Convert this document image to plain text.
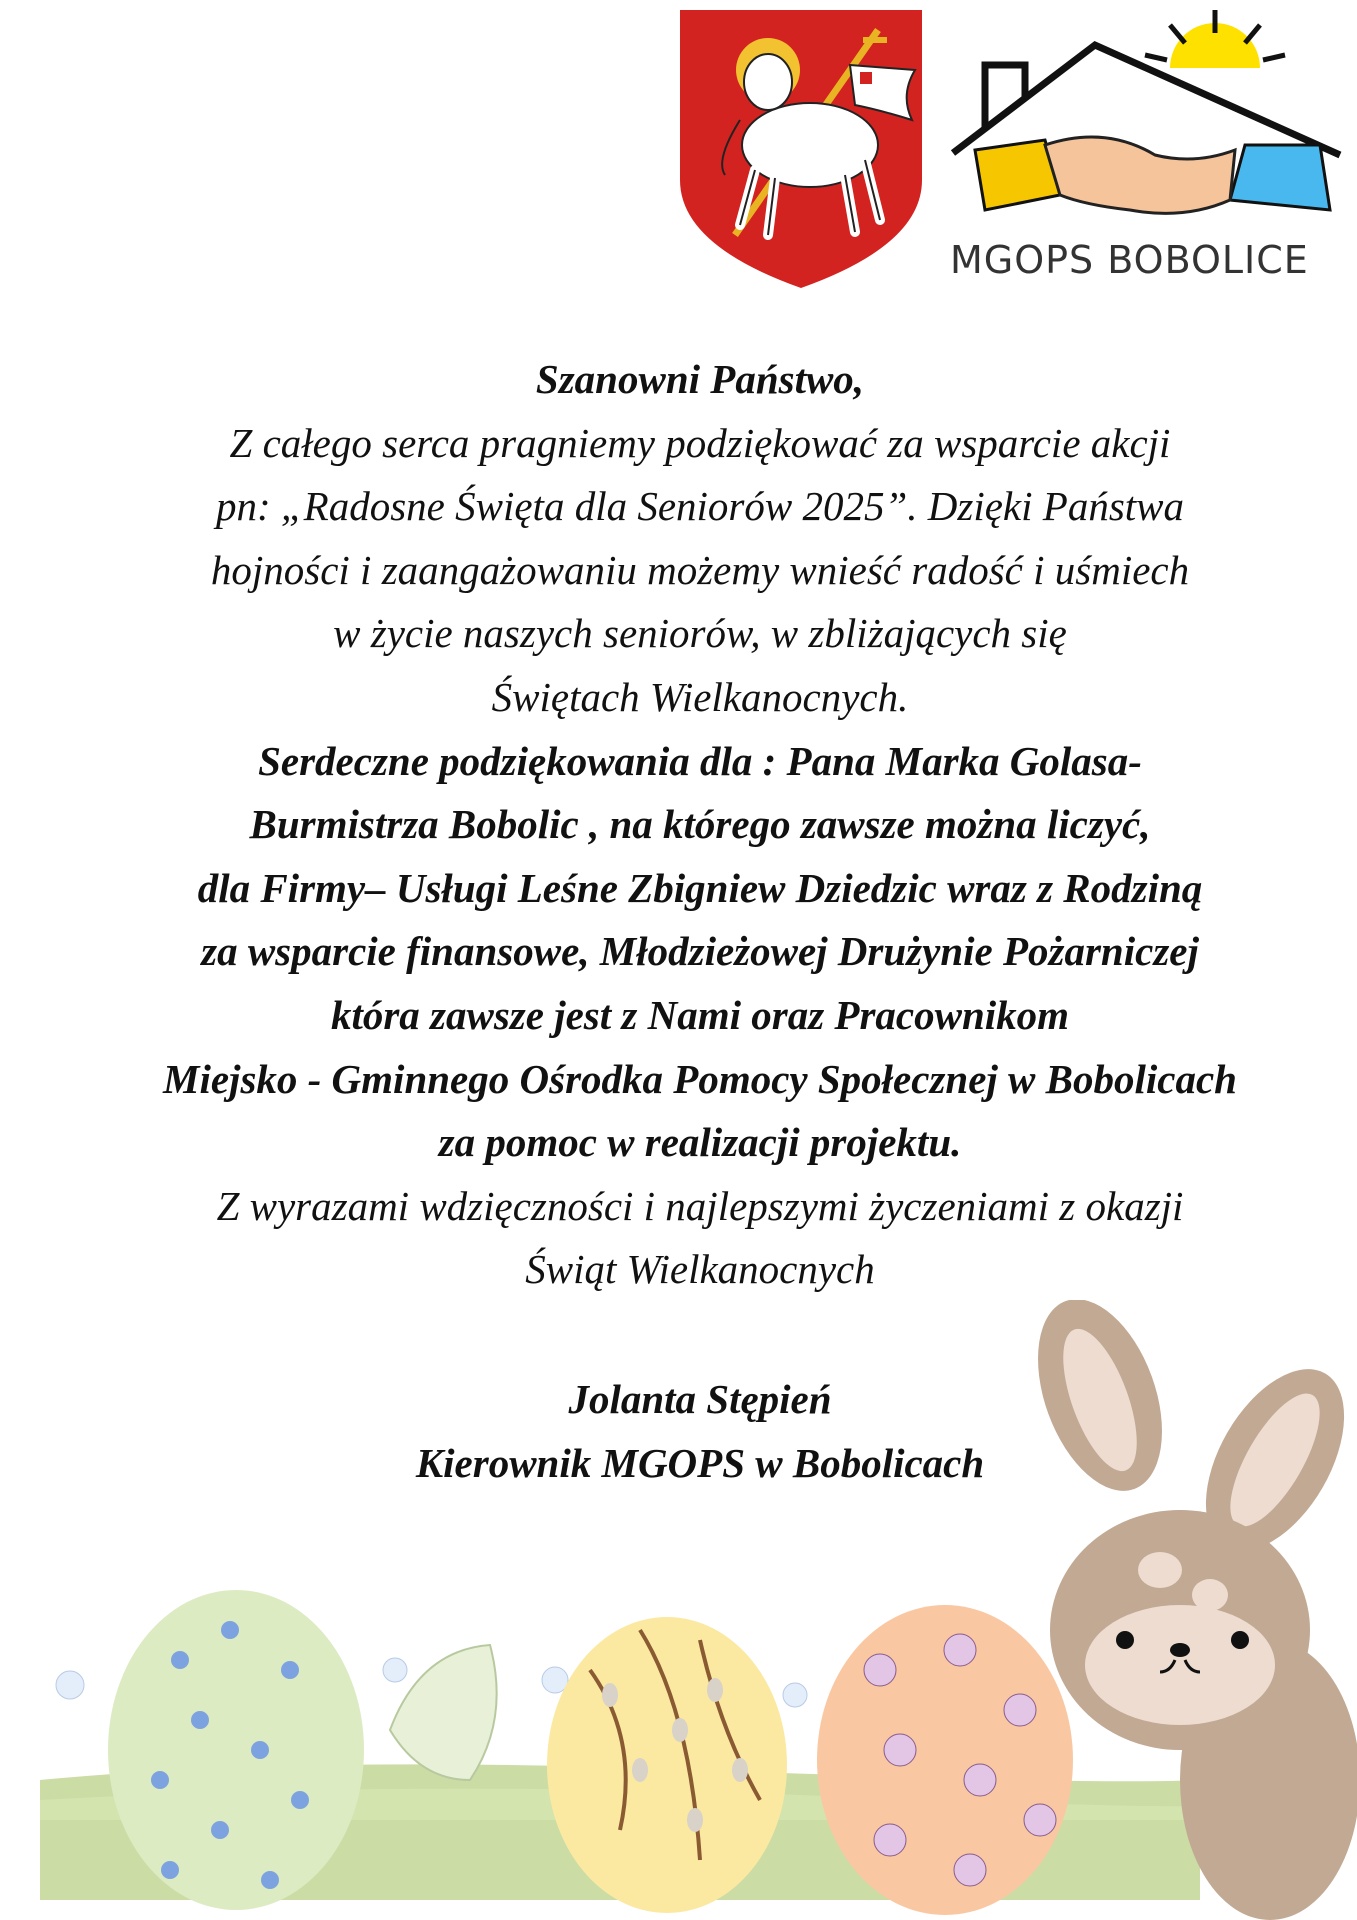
MGOPS BOBOLICE
Szanowni Państwo,
Z całego serca pragniemy podziękować za wsparcie akcji
pn: „Radosne Święta dla Seniorów 2025”. Dzięki Państwa
hojności i zaangażowaniu możemy wnieść radość i uśmiech
w życie naszych seniorów, w zbliżających się
Świętach Wielkanocnych.
Serdeczne podziękowania dla : Pana Marka Golasa-
Burmistrza Bobolic , na którego zawsze można liczyć,
dla Firmy– Usługi Leśne Zbigniew Dziedzic wraz z Rodziną
za wsparcie finansowe, Młodzieżowej Drużynie Pożarniczej
która zawsze jest z Nami oraz Pracownikom
Miejsko - Gminnego Ośrodka Pomocy Społecznej w Bobolicach
za pomoc w realizacji projektu.
Z wyrazami wdzięczności i najlepszymi życzeniami z okazji
Świąt Wielkanocnych
Jolanta Stępień
Kierownik MGOPS w Bobolicach
